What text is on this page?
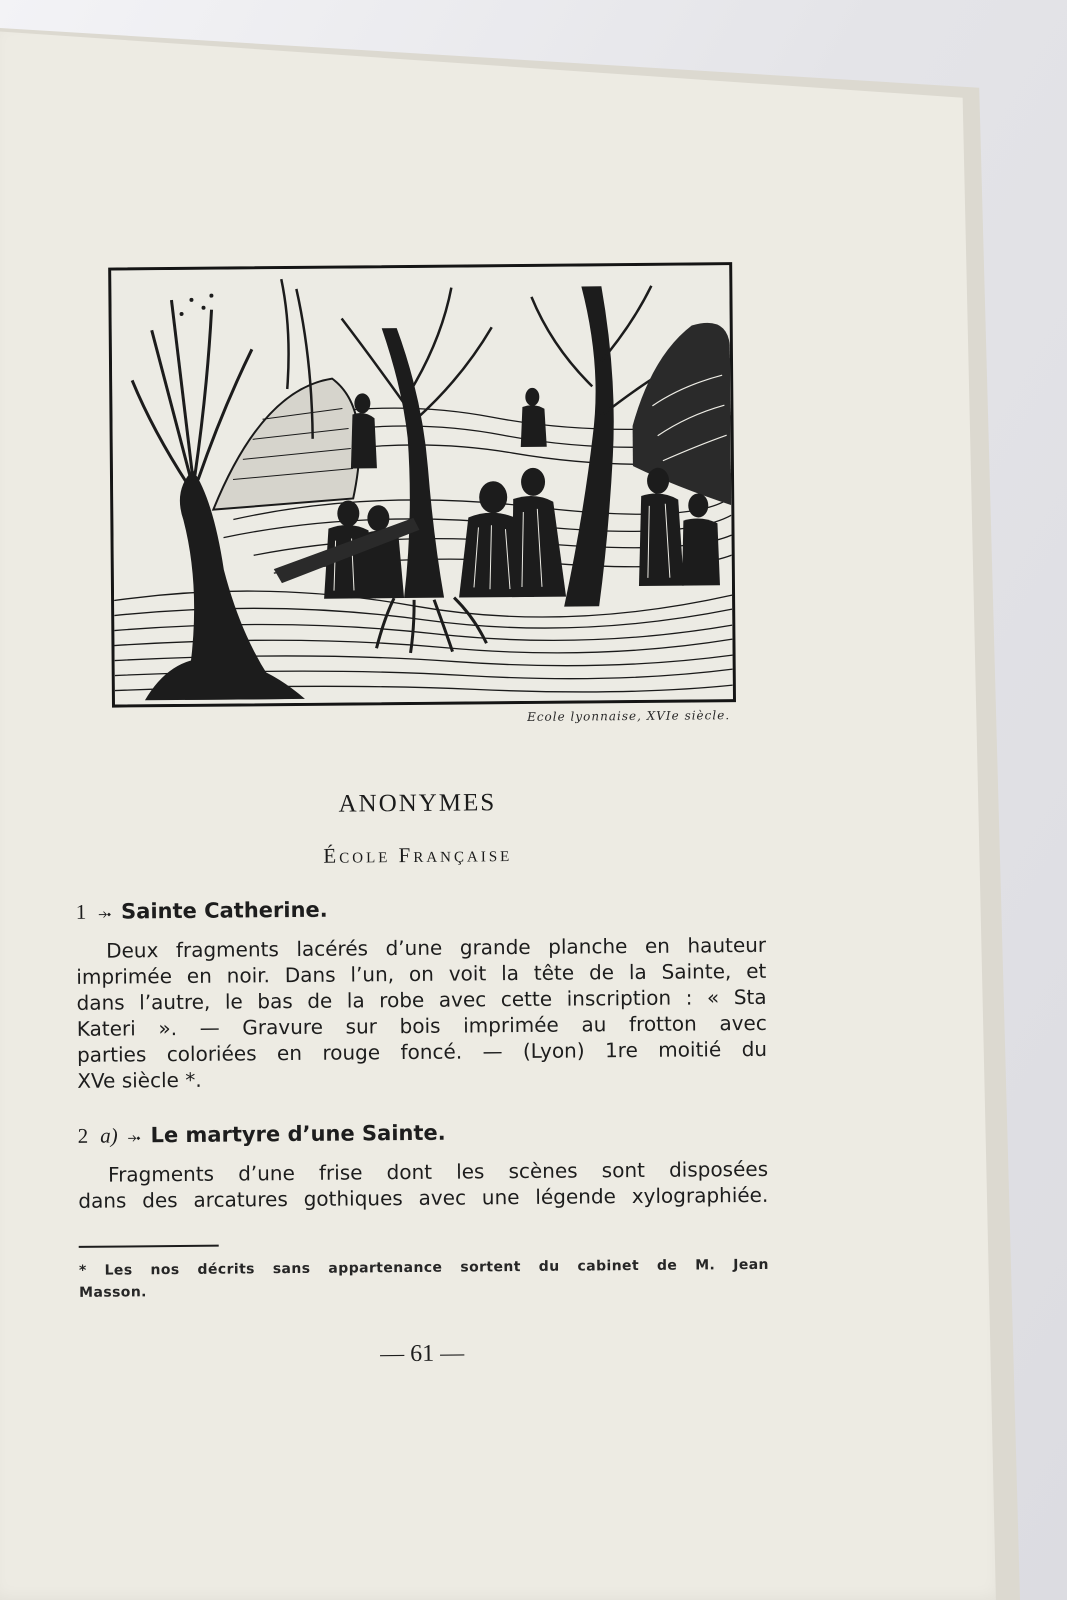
Ecole lyonnaise, XVIe siècle.
ANONYMES
École Française
1 ⤞ Sainte Catherine.
Deux fragments lacérés d’une grande planche en hauteur
imprimée en noir. Dans l’un, on voit la tête de la Sainte, et
dans l’autre, le bas de la robe avec cette inscription : « Sta
Kateri ». — Gravure sur bois imprimée au frotton avec
parties coloriées en rouge foncé. — (Lyon) 1re moitié du
XVe siècle *.
2 a) ⤞ Le martyre d’une Sainte.
Fragments d’une frise dont les scènes sont disposées
dans des arcatures gothiques avec une légende xylographiée.
* Les nos décrits sans appartenance sortent du cabinet de M. Jean
Masson.
— 61 —
